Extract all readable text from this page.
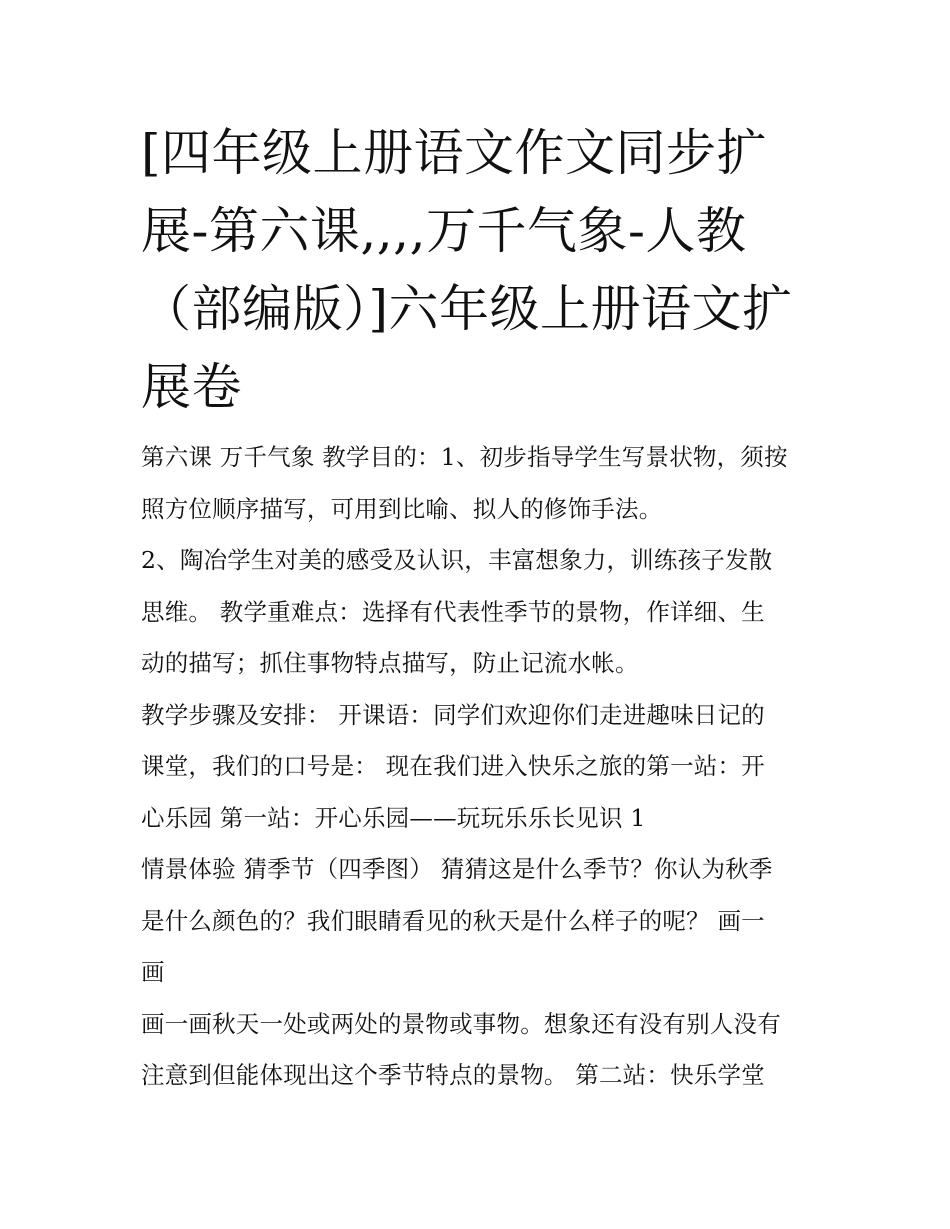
[四年级上册语文作文同步扩
展-第六课,,,,万千气象-人教
（部编版）]六年级上册语文扩
展卷
第六课 万千气象 教学目的：1、初步指导学生写景状物，须按
照方位顺序描写，可用到比喻、拟人的修饰手法。
2、陶冶学生对美的感受及认识，丰富想象力，训练孩子发散
思维。 教学重难点：选择有代表性季节的景物，作详细、生
动的描写；抓住事物特点描写，防止记流水帐。
教学步骤及安排： 开课语：同学们欢迎你们走进趣味日记的
课堂，我们的口号是： 现在我们进入快乐之旅的第一站：开
心乐园 第一站：开心乐园——玩玩乐乐长见识 1
情景体验 猜季节（四季图） 猜猜这是什么季节？你认为秋季
是什么颜色的？我们眼睛看见的秋天是什么样子的呢？ 画一
画
画一画秋天一处或两处的景物或事物。想象还有没有别人没有
注意到但能体现出这个季节特点的景物。 第二站：快乐学堂
